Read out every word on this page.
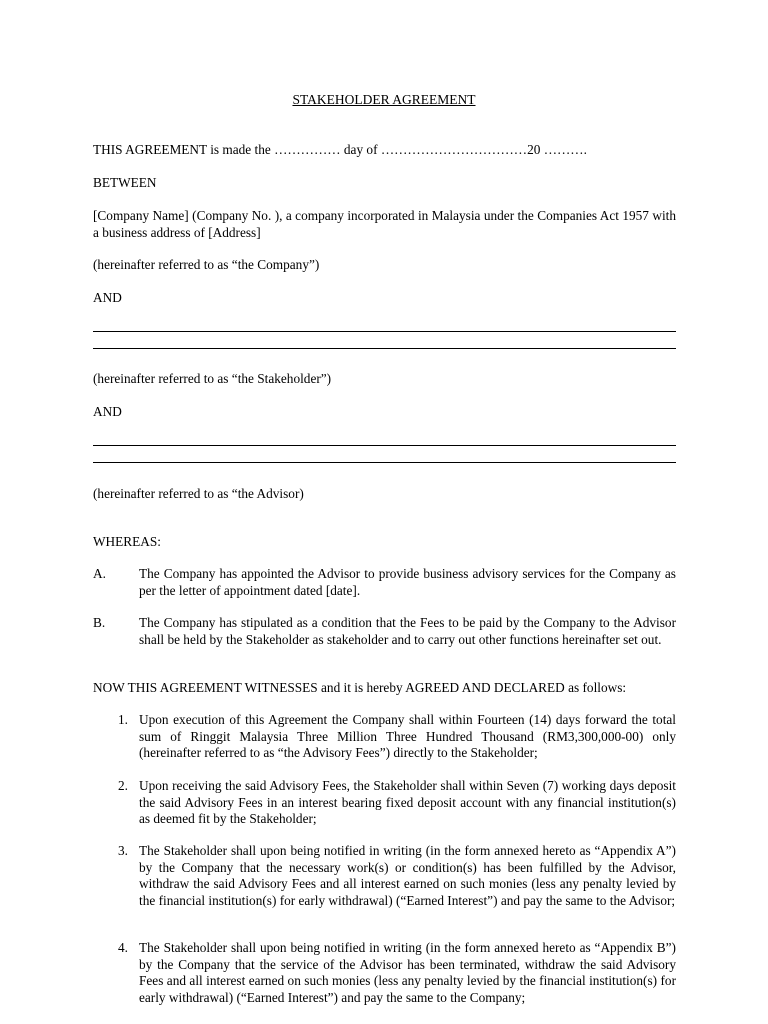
STAKEHOLDER AGREEMENT
THIS AGREEMENT is made the …………… day of ……………………………20 ……….
BETWEEN
[Company Name] (Company No. ), a company incorporated in Malaysia under the Companies Act 1957 with a business address of [Address]
(hereinafter referred to as “the Company”)
AND
(hereinafter referred to as “the Stakeholder”)
AND
(hereinafter referred to as “the Advisor)
WHEREAS:
A.	The Company has appointed the Advisor to provide business advisory services for the Company as per the letter of appointment dated [date].
B.	The Company has stipulated as a condition that the Fees to be paid by the Company to the Advisor shall be held by the Stakeholder as stakeholder and to carry out other functions hereinafter set out.
NOW THIS AGREEMENT WITNESSES and it is hereby AGREED AND DECLARED as follows:
1. Upon execution of this Agreement the Company shall within Fourteen (14) days forward the total sum of Ringgit Malaysia Three Million Three Hundred Thousand (RM3,300,000-00) only (hereinafter referred to as “the Advisory Fees”) directly to the Stakeholder;
2. Upon receiving the said Advisory Fees, the Stakeholder shall within Seven (7) working days deposit the said Advisory Fees in an interest bearing fixed deposit account with any financial institution(s) as deemed fit by the Stakeholder;
3. The Stakeholder shall upon being notified in writing (in the form annexed hereto as “Appendix A”) by the Company that the necessary work(s) or condition(s) has been fulfilled by the Advisor, withdraw the said Advisory Fees and all interest earned on such monies (less any penalty levied by the financial institution(s) for early withdrawal) (“Earned Interest”) and pay the same to the Advisor;
4. The Stakeholder shall upon being notified in writing (in the form annexed hereto as “Appendix B”) by the Company that the service of the Advisor has been terminated, withdraw the said Advisory Fees and all interest earned on such monies (less any penalty levied by the financial institution(s) for early withdrawal) (“Earned Interest”) and pay the same to the Company;
